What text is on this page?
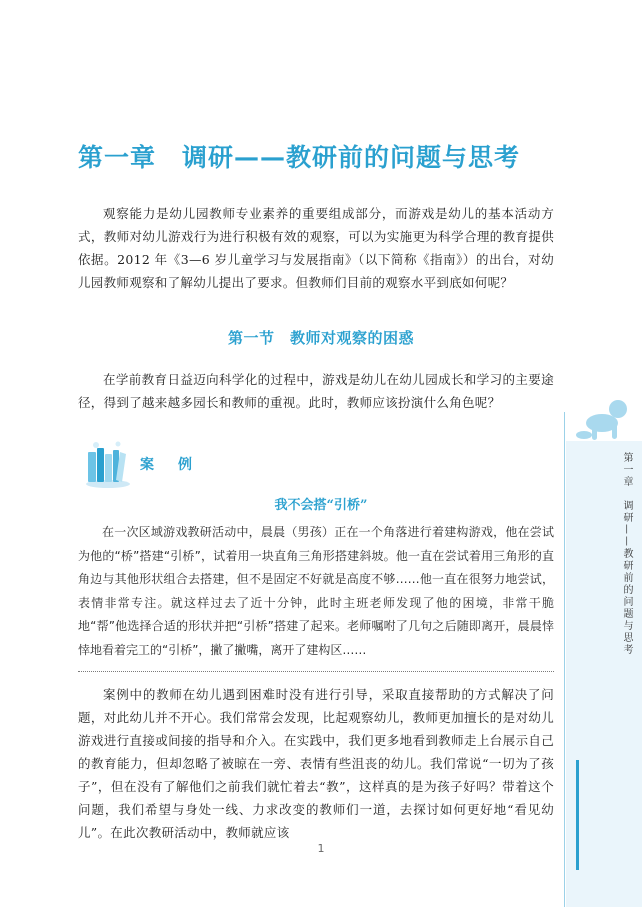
第一章　调研——教研前的问题与思考

观察能力是幼儿园教师专业素养的重要组成部分，而游戏是幼儿的基本活动方式，教师对幼儿游戏行为进行积极有效的观察，可以为实施更为科学合理的教育提供依据。2012 年《3—6 岁儿童学习与发展指南》（以下简称《指南》）的出台，对幼儿园教师观察和了解幼儿提出了要求。但教师们目前的观察水平到底如何呢？

第一节　教师对观察的困惑

在学前教育日益迈向科学化的过程中，游戏是幼儿在幼儿园成长和学习的主要途径，得到了越来越多园长和教师的重视。此时，教师应该扮演什么角色呢？

案　例
我不会搭“引桥”

在一次区域游戏教研活动中，晨晨（男孩）正在一个角落进行着建构游戏，他在尝试为他的“桥”搭建“引桥”，试着用一块直角三角形搭建斜坡。他一直在尝试着用三角形的直角边与其他形状组合去搭建，但不是固定不好就是高度不够……他一直在很努力地尝试，表情非常专注。就这样过去了近十分钟，此时主班老师发现了他的困境，非常干脆地“帮”他选择合适的形状并把“引桥”搭建了起来。老师嘱咐了几句之后随即离开，晨晨悻悻地看着完工的“引桥”，撇了撇嘴，离开了建构区……

案例中的教师在幼儿遇到困难时没有进行引导，采取直接帮助的方式解决了问题，对此幼儿并不开心。我们常常会发现，比起观察幼儿，教师更加擅长的是对幼儿游戏进行直接或间接的指导和介入。在实践中，我们更多地看到教师走上台展示自己的教育能力，但却忽略了被晾在一旁、表情有些沮丧的幼儿。我们常说“一切为了孩子”，但在没有了解他们之前我们就忙着去“教”，这样真的是为孩子好吗？带着这个问题，我们希望与身处一线、力求改变的教师们一道，去探讨如何更好地“看见幼儿”。在此次教研活动中，教师就应该

第一章　调研——教研前的问题与思考
1
